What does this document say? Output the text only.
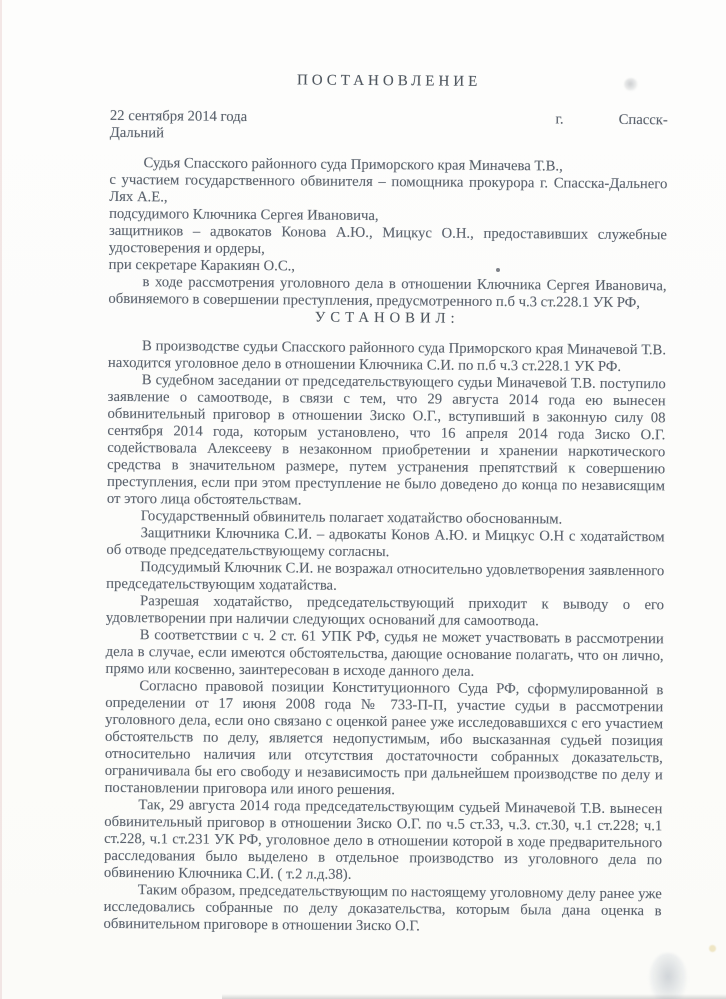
ПОСТАНОВЛЕНИЕ
22 сентября 2014 года	г.	Спасск-
Дальний

Судья Спасского районного суда Приморского края Миначева Т.В.,

с участием государственного обвинителя – помощника прокурора г. Спасска-Дальнего Лях А.Е.,

подсудимого Ключника Сергея Ивановича,

защитников – адвокатов Конова А.Ю., Мицкус О.Н., предоставивших служебные удостоверения и ордеры,

при секретаре Каракиян О.С.,

в ходе рассмотрения уголовного дела в отношении Ключника Сергея Ивановича, обвиняемого в совершении преступления, предусмотренного п.б ч.3 ст.228.1 УК РФ,

УСТАНОВИЛ:

В производстве судьи Спасского районного суда Приморского края Миначевой Т.В. находится уголовное дело в отношении Ключника С.И. по п.б ч.3 ст.228.1 УК РФ.

В судебном заседании от председательствующего судьи Миначевой Т.В. поступило заявление о самоотводе, в связи с тем, что 29 августа 2014 года ею вынесен обвинительный приговор в отношении Зиско О.Г., вступивший в законную силу 08 сентября 2014 года, которым установлено, что 16 апреля 2014 года Зиско О.Г. содействовала Алексееву в незаконном приобретении и хранении наркотического средства в значительном размере, путем устранения препятствий к совершению преступления, если при этом преступление не было доведено до конца по независящим от этого лица обстоятельствам.

Государственный обвинитель полагает ходатайство обоснованным.

Защитники Ключника С.И. – адвокаты Конов А.Ю. и Мицкус О.Н с ходатайством об отводе председательствующему согласны.

Подсудимый Ключник С.И. не возражал относительно удовлетворения заявленного председательствующим ходатайства.

Разрешая ходатайство, председательствующий приходит к выводу о его удовлетворении при наличии следующих оснований для самоотвода.

В соответствии с ч. 2 ст. 61 УПК РФ, судья не может участвовать в рассмотрении дела в случае, если имеются обстоятельства, дающие основание полагать, что он лично, прямо или косвенно, заинтересован в исходе данного дела.

Согласно правовой позиции Конституционного Суда РФ, сформулированной в определении от 17 июня 2008 года № 733-П-П, участие судьи в рассмотрении уголовного дела, если оно связано с оценкой ранее уже исследовавшихся с его участием обстоятельств по делу, является недопустимым, ибо высказанная судьей позиция относительно наличия или отсутствия достаточности собранных доказательств, ограничивала бы его свободу и независимость при дальнейшем производстве по делу и постановлении приговора или иного решения.

Так, 29 августа 2014 года председательствующим судьей Миначевой Т.В. вынесен обвинительный приговор в отношении Зиско О.Г. по ч.5 ст.33, ч.3. ст.30, ч.1 ст.228; ч.1 ст.228, ч.1 ст.231 УК РФ, уголовное дело в отношении которой в ходе предварительного расследования было выделено в отдельное производство из уголовного дела по обвинению Ключника С.И. ( т.2 л.д.38).

Таким образом, председательствующим по настоящему уголовному делу ранее уже исследовались собранные по делу доказательства, которым была дана оценка в обвинительном приговоре в отношении Зиско О.Г.
